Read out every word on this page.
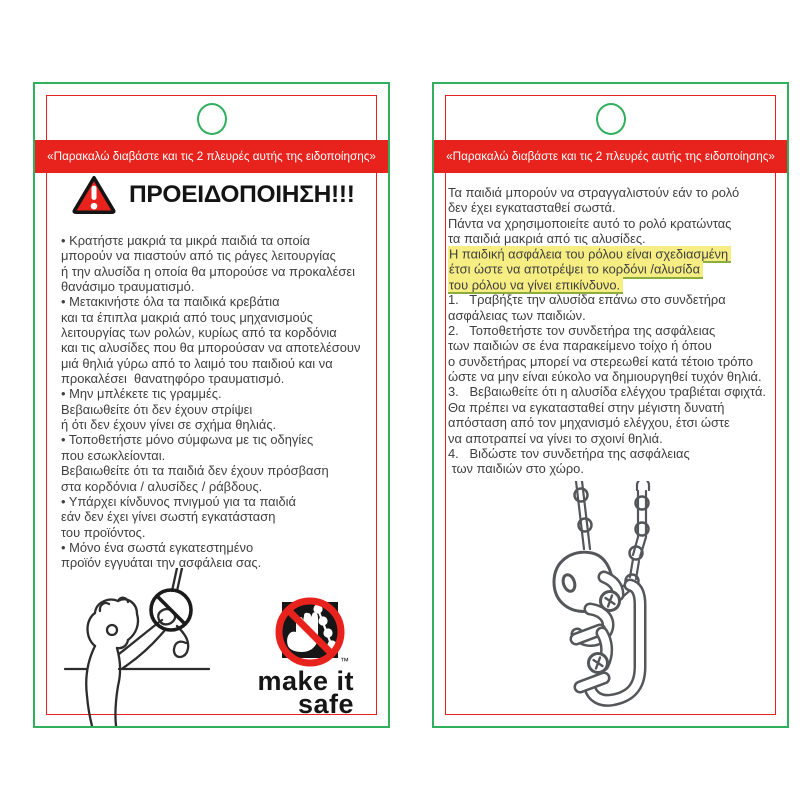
«Παρακαλώ διαβάστε και τις 2 πλευρές αυτής της ειδοποίησης»
ΠΡΟΕΙΔΟΠΟΙΗΣΗ!!!
• Κρατήστε μακριά τα μικρά παιδιά τα οποία
μπορούν να πιαστούν από τις ράγες λειτουργίας
ή την αλυσίδα η οποία θα μπορούσε να προκαλέσει
θανάσιμο τραυματισμό.
• Μετακινήστε όλα τα παιδικά κρεβάτια
και τα έπιπλα μακριά από τους μηχανισμούς
λειτουργίας των ρολών, κυρίως από τα κορδόνια
και τις αλυσίδες που θα μπορούσαν να αποτελέσουν
μιά θηλιά γύρω από το λαιμό του παιδιού και να
προκαλέσει  θανατηφόρο τραυματισμό.
• Μην μπλέκετε τις γραμμές.
Βεβαιωθείτε ότι δεν έχουν στρίψει
ή ότι δεν έχουν γίνει σε σχήμα θηλιάς.
• Τοποθετήστε μόνο σύμφωνα με τις οδηγίες
που εσωκλείονται.
Βεβαιωθείτε ότι τα παιδιά δεν έχουν πρόσβαση
στα κορδόνια / αλυσίδες / ράβδους.
• Υπάρχει κίνδυνος πνιγμού για τα παιδιά
εάν δεν έχει γίνει σωστή εγκατάσταση
του προϊόντος.
• Μόνο ένα σωστά εγκατεστημένο
προϊόν εγγυάται την ασφάλεια σας.
™
make it
safe
«Παρακαλώ διαβάστε και τις 2 πλευρές αυτής της ειδοποίησης»
Τα παιδιά μπορούν να στραγγαλιστούν εάν το ρολό
δεν έχει εγκατασταθεί σωστά.
Πάντα να χρησιμοποιείτε αυτό το ρολό κρατώντας
τα παιδιά μακριά από τις αλυσίδες.
Η παιδική ασφάλεια του ρόλου είναι σχεδιασμένη
έτσι ώστε να αποτρέψει το κορδόνι /αλυσίδα
του ρόλου να γίνει επικίνδυνο.
1.   Τραβήξτε την αλυσίδα επάνω στο συνδετήρα
ασφάλειας των παιδιών.
2.   Τοποθετήστε τον συνδετήρα της ασφάλειας
των παιδιών σε ένα παρακείμενο τοίχο ή όπου
ο συνδετήρας μπορεί να στερεωθεί κατά τέτοιο τρόπο
ώστε να μην είναι εύκολο να δημιουργηθεί τυχόν θηλιά.
3.   Βεβαιωθείτε ότι η αλυσίδα ελέγχου τραβιέται σφιχτά.
Θα πρέπει να εγκατασταθεί στην μέγιστη δυνατή
απόσταση από τον μηχανισμό ελέγχου, έτσι ώστε
να αποτραπεί να γίνει το σχοινί θηλιά.
4.   Βιδώστε τον συνδετήρα της ασφάλειας
των παιδιών στο χώρο.
